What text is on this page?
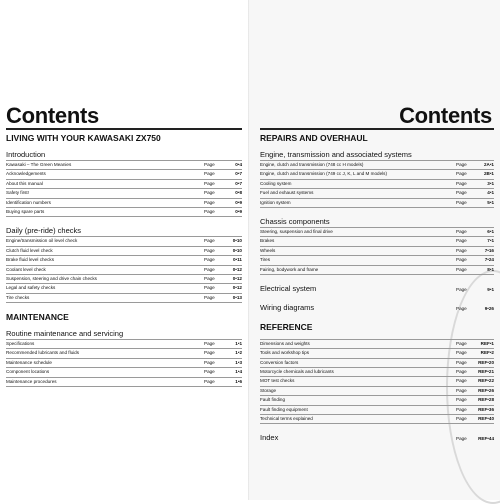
Contents
LIVING WITH YOUR KAWASAKI ZX750
Introduction
Kawasaki – The Green Meanies	Page	0•4
Acknowledgements	Page	0•7
About this manual	Page	0•7
Safety first!	Page	0•8
Identification numbers	Page	0•9
Buying spare parts	Page	0•9
Daily (pre-ride) checks
Engine/transmission oil level check	Page	0•10
Clutch fluid level check	Page	0•10
Brake fluid level checks	Page	0•11
Coolant level check	Page	0•12
Suspension, steering and drive chain checks	Page	0•12
Legal and safety checks	Page	0•12
Tire checks	Page	0•13
MAINTENANCE
Routine maintenance and servicing
Specifications	Page	1•1
Recommended lubricants and fluids	Page	1•2
Maintenance schedule	Page	1•3
Component locations	Page	1•4
Maintenance procedures	Page	1•6
Contents
REPAIRS AND OVERHAUL
Engine, transmission and associated systems
Engine, clutch and transmission (748 cc H models)	Page	2A•1
Engine, clutch and transmission (749 cc J, K, L and M models)	Page	2B•1
Cooling system	Page	3•1
Fuel and exhaust systems	Page	4•1
Ignition system	Page	5•1
Chassis components
Steering, suspension and final drive	Page	6•1
Brakes	Page	7•1
Wheels	Page	7•16
Tires	Page	7•24
Fairing, bodywork and frame	Page	8•1
Electrical system	Page	9•1
Wiring diagrams	Page	9•26
REFERENCE
Dimensions and weights	Page	REF•1
Tools and workshop tips	Page	REF•2
Conversion factors	Page	REF•20
Motorcycle chemicals and lubricants	Page	REF•21
MOT test checks	Page	REF•22
Storage	Page	REF•26
Fault finding	Page	REF•28
Fault finding equipment	Page	REF•36
Technical terms explained	Page	REF•40
Index	Page	REF•44
